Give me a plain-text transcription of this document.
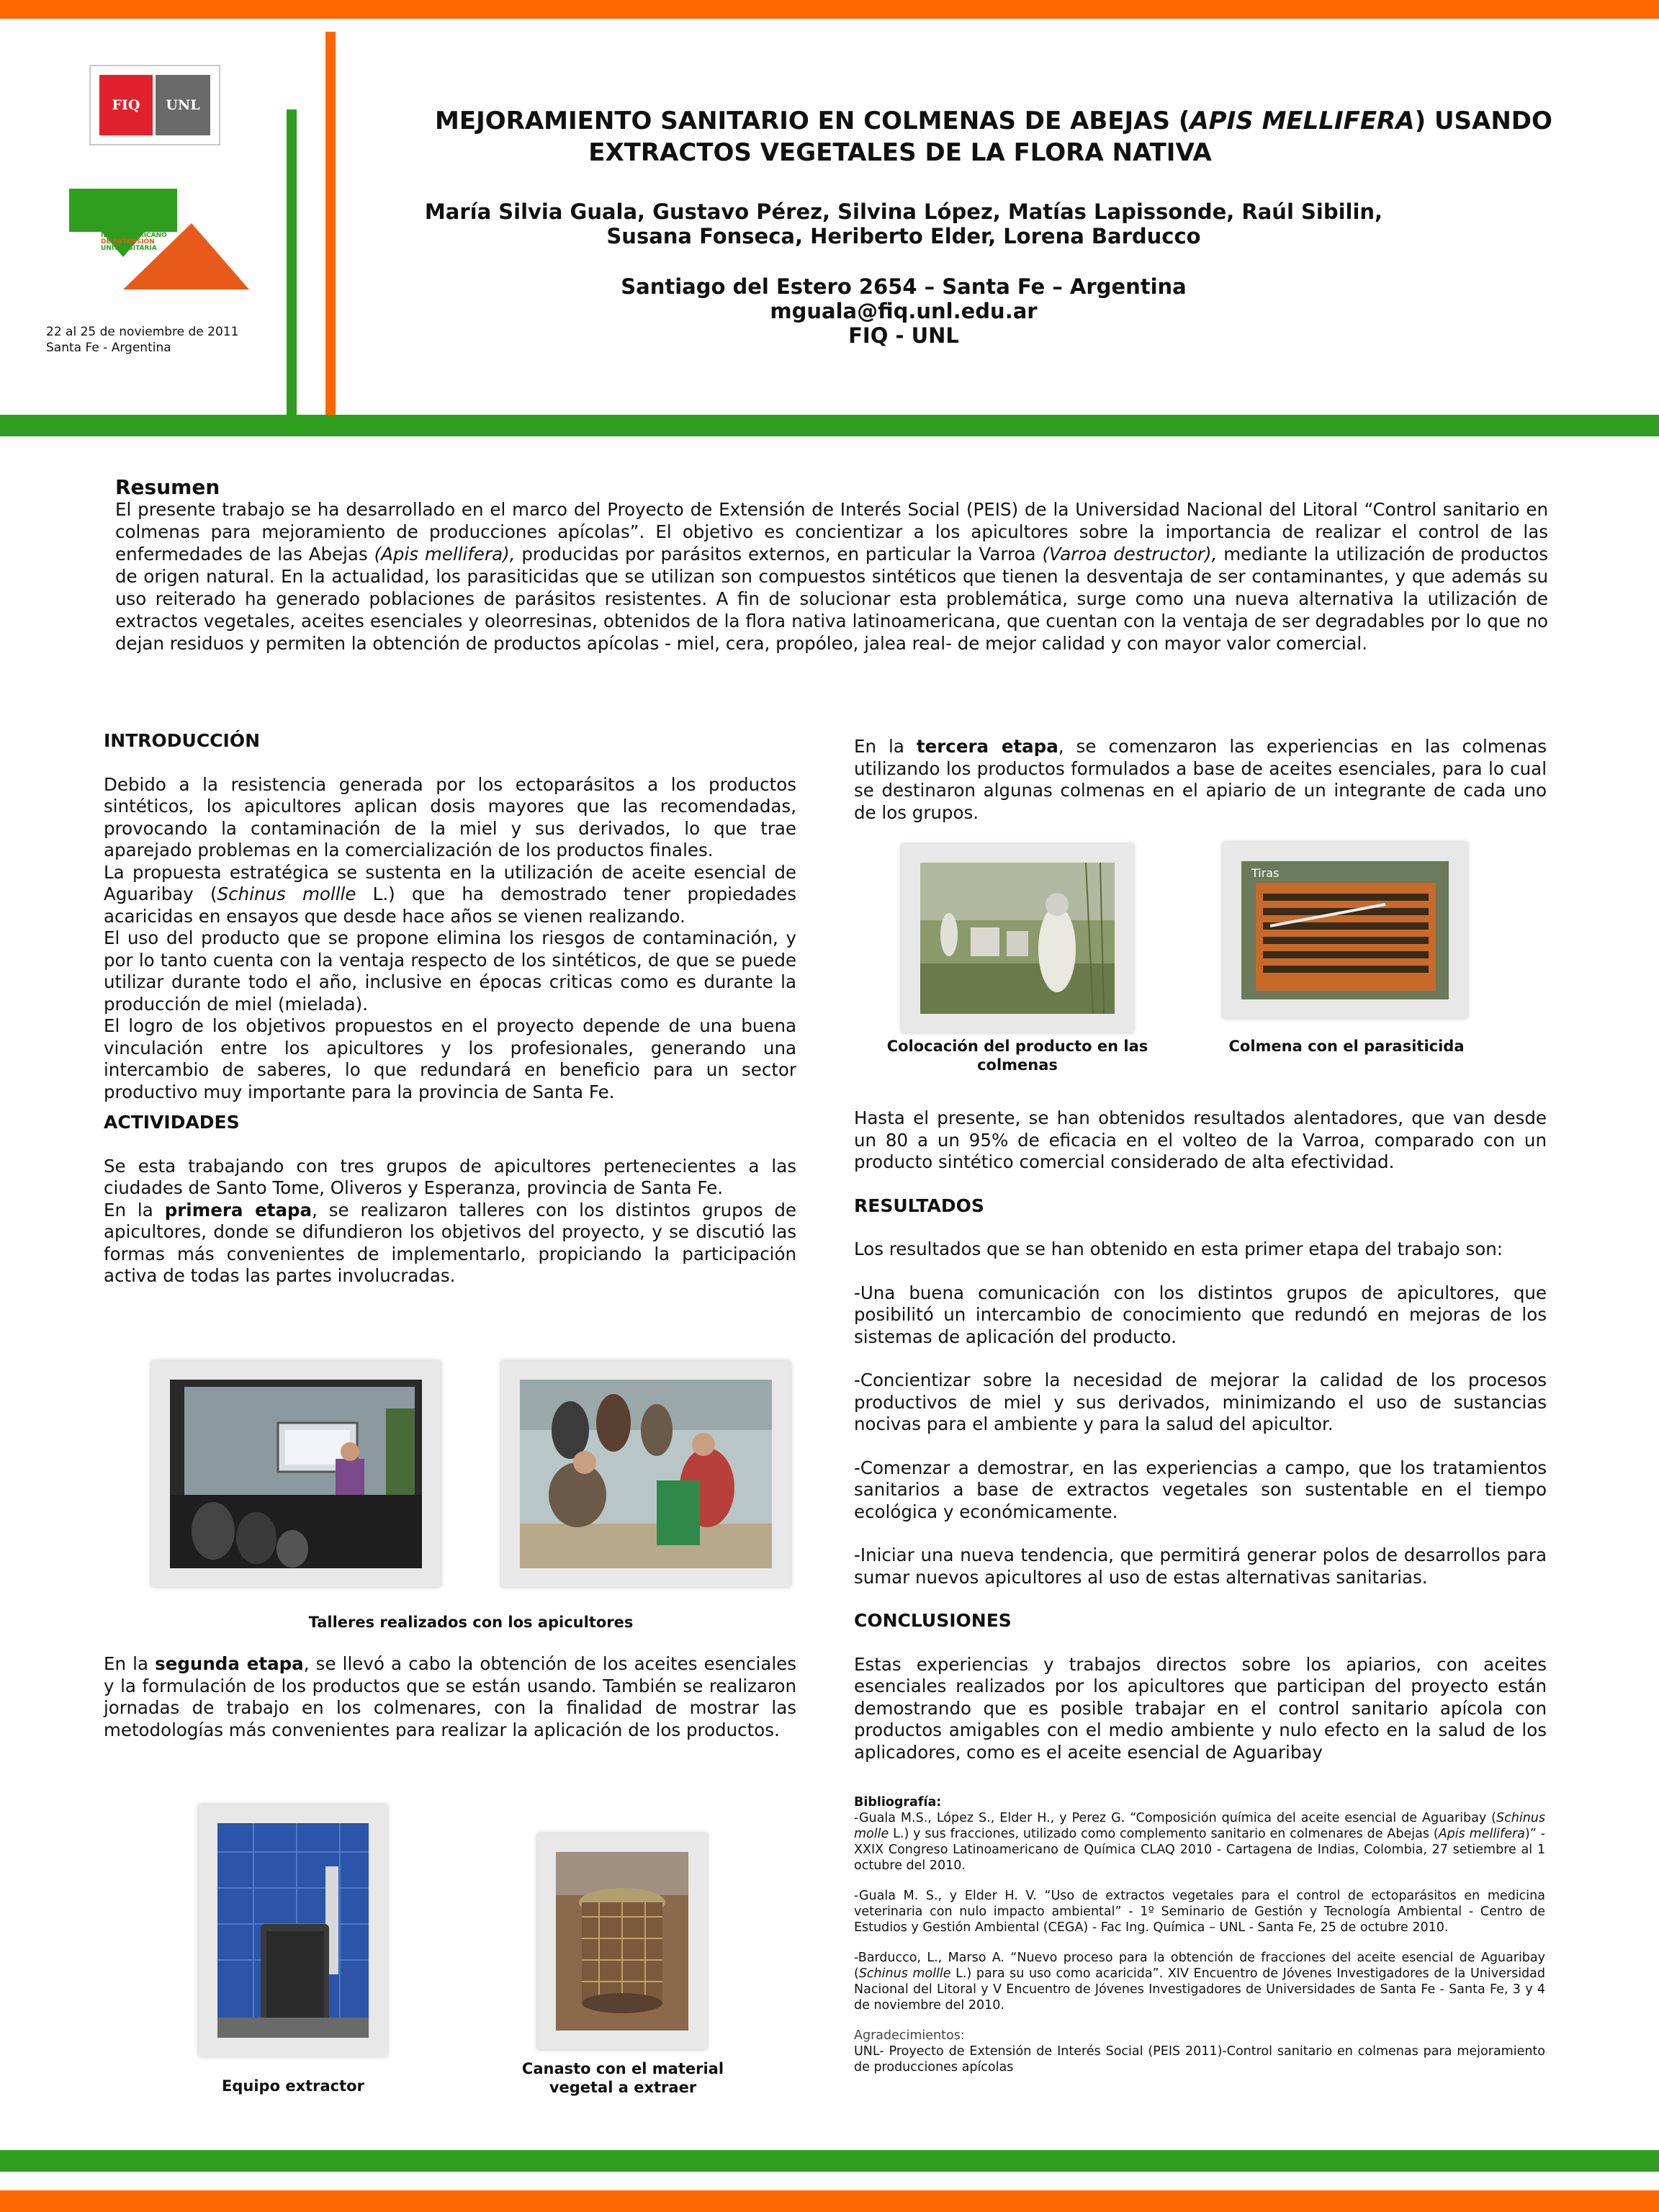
FIQ	UNL
II CONGRESO
IBEROAMERICANO
DE EXTENSIÓN
UNIVERSITARIA
22 al 25 de noviembre de 2011
Santa Fe - Argentina
MEJORAMIENTO SANITARIO EN COLMENAS DE ABEJAS (APIS MELLIFERA) USANDO
EXTRACTOS VEGETALES DE LA FLORA NATIVA
María Silvia Guala, Gustavo Pérez, Silvina López, Matías Lapissonde, Raúl Sibilin,
Susana Fonseca, Heriberto Elder, Lorena Barducco
Santiago del Estero 2654 – Santa Fe – Argentina
mguala@fiq.unl.edu.ar
FIQ - UNL
Resumen
El presente trabajo se ha desarrollado en el marco del Proyecto de Extensión de Interés Social (PEIS) de la Universidad Nacional del Litoral “Control sanitario en colmenas para mejoramiento de producciones apícolas”. El objetivo es concientizar a los apicultores sobre la importancia de realizar el control de las enfermedades de las Abejas (Apis mellifera), producidas por parásitos externos, en particular la Varroa (Varroa destructor), mediante la utilización de productos de origen natural. En la actualidad, los parasiticidas que se utilizan son compuestos sintéticos que tienen la desventaja de ser contaminantes, y que además su uso reiterado ha generado poblaciones de parásitos resistentes. A fin de solucionar esta problemática, surge como una nueva alternativa la utilización de extractos vegetales, aceites esenciales y oleorresinas, obtenidos de la flora nativa latinoamericana, que cuentan con la ventaja de ser degradables por lo que no dejan residuos y permiten la obtención de productos apícolas - miel, cera, propóleo, jalea real- de mejor calidad y con mayor valor comercial.

INTRODUCCIÓN

Debido a la resistencia generada por los ectoparásitos a los productos sintéticos, los apicultores aplican dosis mayores que las recomendadas, provocando la contaminación de la miel y sus derivados, lo que trae aparejado problemas en la comercialización de los productos finales.

La propuesta estratégica se sustenta en la utilización de aceite esencial de Aguaribay (Schinus mollle L.) que ha demostrado tener propiedades acaricidas en ensayos que desde hace años se vienen realizando.

El uso del producto que se propone elimina los riesgos de contaminación, y por lo tanto cuenta con la ventaja respecto de los sintéticos, de que se puede utilizar durante todo el año, inclusive en épocas criticas como es durante la producción de miel (mielada).

El logro de los objetivos propuestos en el proyecto depende de una buena vinculación entre los apicultores y los profesionales, generando una intercambio de saberes, lo que redundará en beneficio para un sector productivo muy importante para la provincia de Santa Fe.

ACTIVIDADES

Se esta trabajando con tres grupos de apicultores pertenecientes a las ciudades de Santo Tome, Oliveros y Esperanza, provincia de Santa Fe.

En la primera etapa, se realizaron talleres con los distintos grupos de apicultores, donde se difundieron los objetivos del proyecto, y se discutió las formas más convenientes de implementarlo, propiciando la participación activa de todas las partes involucradas.

Talleres realizados con los apicultores

En la segunda etapa, se llevó a cabo la obtención de los aceites esenciales y la formulación de los productos que se están usando. También se realizaron jornadas de trabajo en los colmenares, con la finalidad de mostrar las metodologías más convenientes para realizar la aplicación de los productos.

Equipo extractor
Canasto con el material
vegetal a extraer

En la tercera etapa, se comenzaron las experiencias en las colmenas utilizando los productos formulados a base de aceites esenciales, para lo cual se destinaron algunas colmenas en el apiario de un integrante de cada uno de los grupos.

Colocación del producto en las
colmenas
Tiras
Colmena con el parasiticida

Hasta el presente, se han obtenidos resultados alentadores, que van desde un 80 a un 95% de eficacia en el volteo de la Varroa, comparado con un producto sintético comercial considerado de alta efectividad.

RESULTADOS

Los resultados que se han obtenido en esta primer etapa del trabajo son:

-Una buena comunicación con los distintos grupos de apicultores, que posibilitó un intercambio de conocimiento que redundó en mejoras de los sistemas de aplicación del producto.

-Concientizar sobre la necesidad de mejorar la calidad de los procesos productivos de miel y sus derivados, minimizando el uso de sustancias nocivas para el ambiente y para la salud del apicultor.

-Comenzar a demostrar, en las experiencias a campo, que los tratamientos sanitarios a base de extractos vegetales son sustentable en el tiempo ecológica y económicamente.

-Iniciar una nueva tendencia, que permitirá generar polos de desarrollos para sumar nuevos apicultores al uso de estas alternativas sanitarias.

CONCLUSIONES

Estas experiencias y trabajos directos sobre los apiarios, con aceites esenciales realizados por los apicultores que participan del proyecto están demostrando que es posible trabajar en el control sanitario apícola con productos amigables con el medio ambiente y nulo efecto en la salud de los aplicadores, como es el aceite esencial de Aguaribay

Bibliografía:

-Guala M.S., López S., Elder H., y Perez G. “Composición química del aceite esencial de Aguaribay (Schinus molle L.) y sus fracciones, utilizado como complemento sanitario en colmenares de Abejas (Apis mellifera)” - XXIX Congreso Latinoamericano de Química CLAQ 2010 - Cartagena de Indias, Colombia, 27 setiembre al 1 octubre del 2010.

-Guala M. S., y Elder H. V. “Uso de extractos vegetales para el control de ectoparásitos en medicina veterinaria con nulo impacto ambiental” - 1º Seminario de Gestión y Tecnología Ambiental - Centro de Estudios y Gestión Ambiental (CEGA) - Fac Ing. Química – UNL - Santa Fe, 25 de octubre 2010.

-Barducco, L., Marso A. “Nuevo proceso para la obtención de fracciones del aceite esencial de Aguaribay (Schinus mollle L.) para su uso como acaricida”. XIV Encuentro de Jóvenes Investigadores de la Universidad Nacional del Litoral y V Encuentro de Jóvenes Investigadores de Universidades de Santa Fe - Santa Fe, 3 y 4 de noviembre del 2010.

Agradecimientos:
UNL- Proyecto de Extensión de Interés Social (PEIS 2011)-Control sanitario en colmenas para mejoramiento de producciones apícolas
